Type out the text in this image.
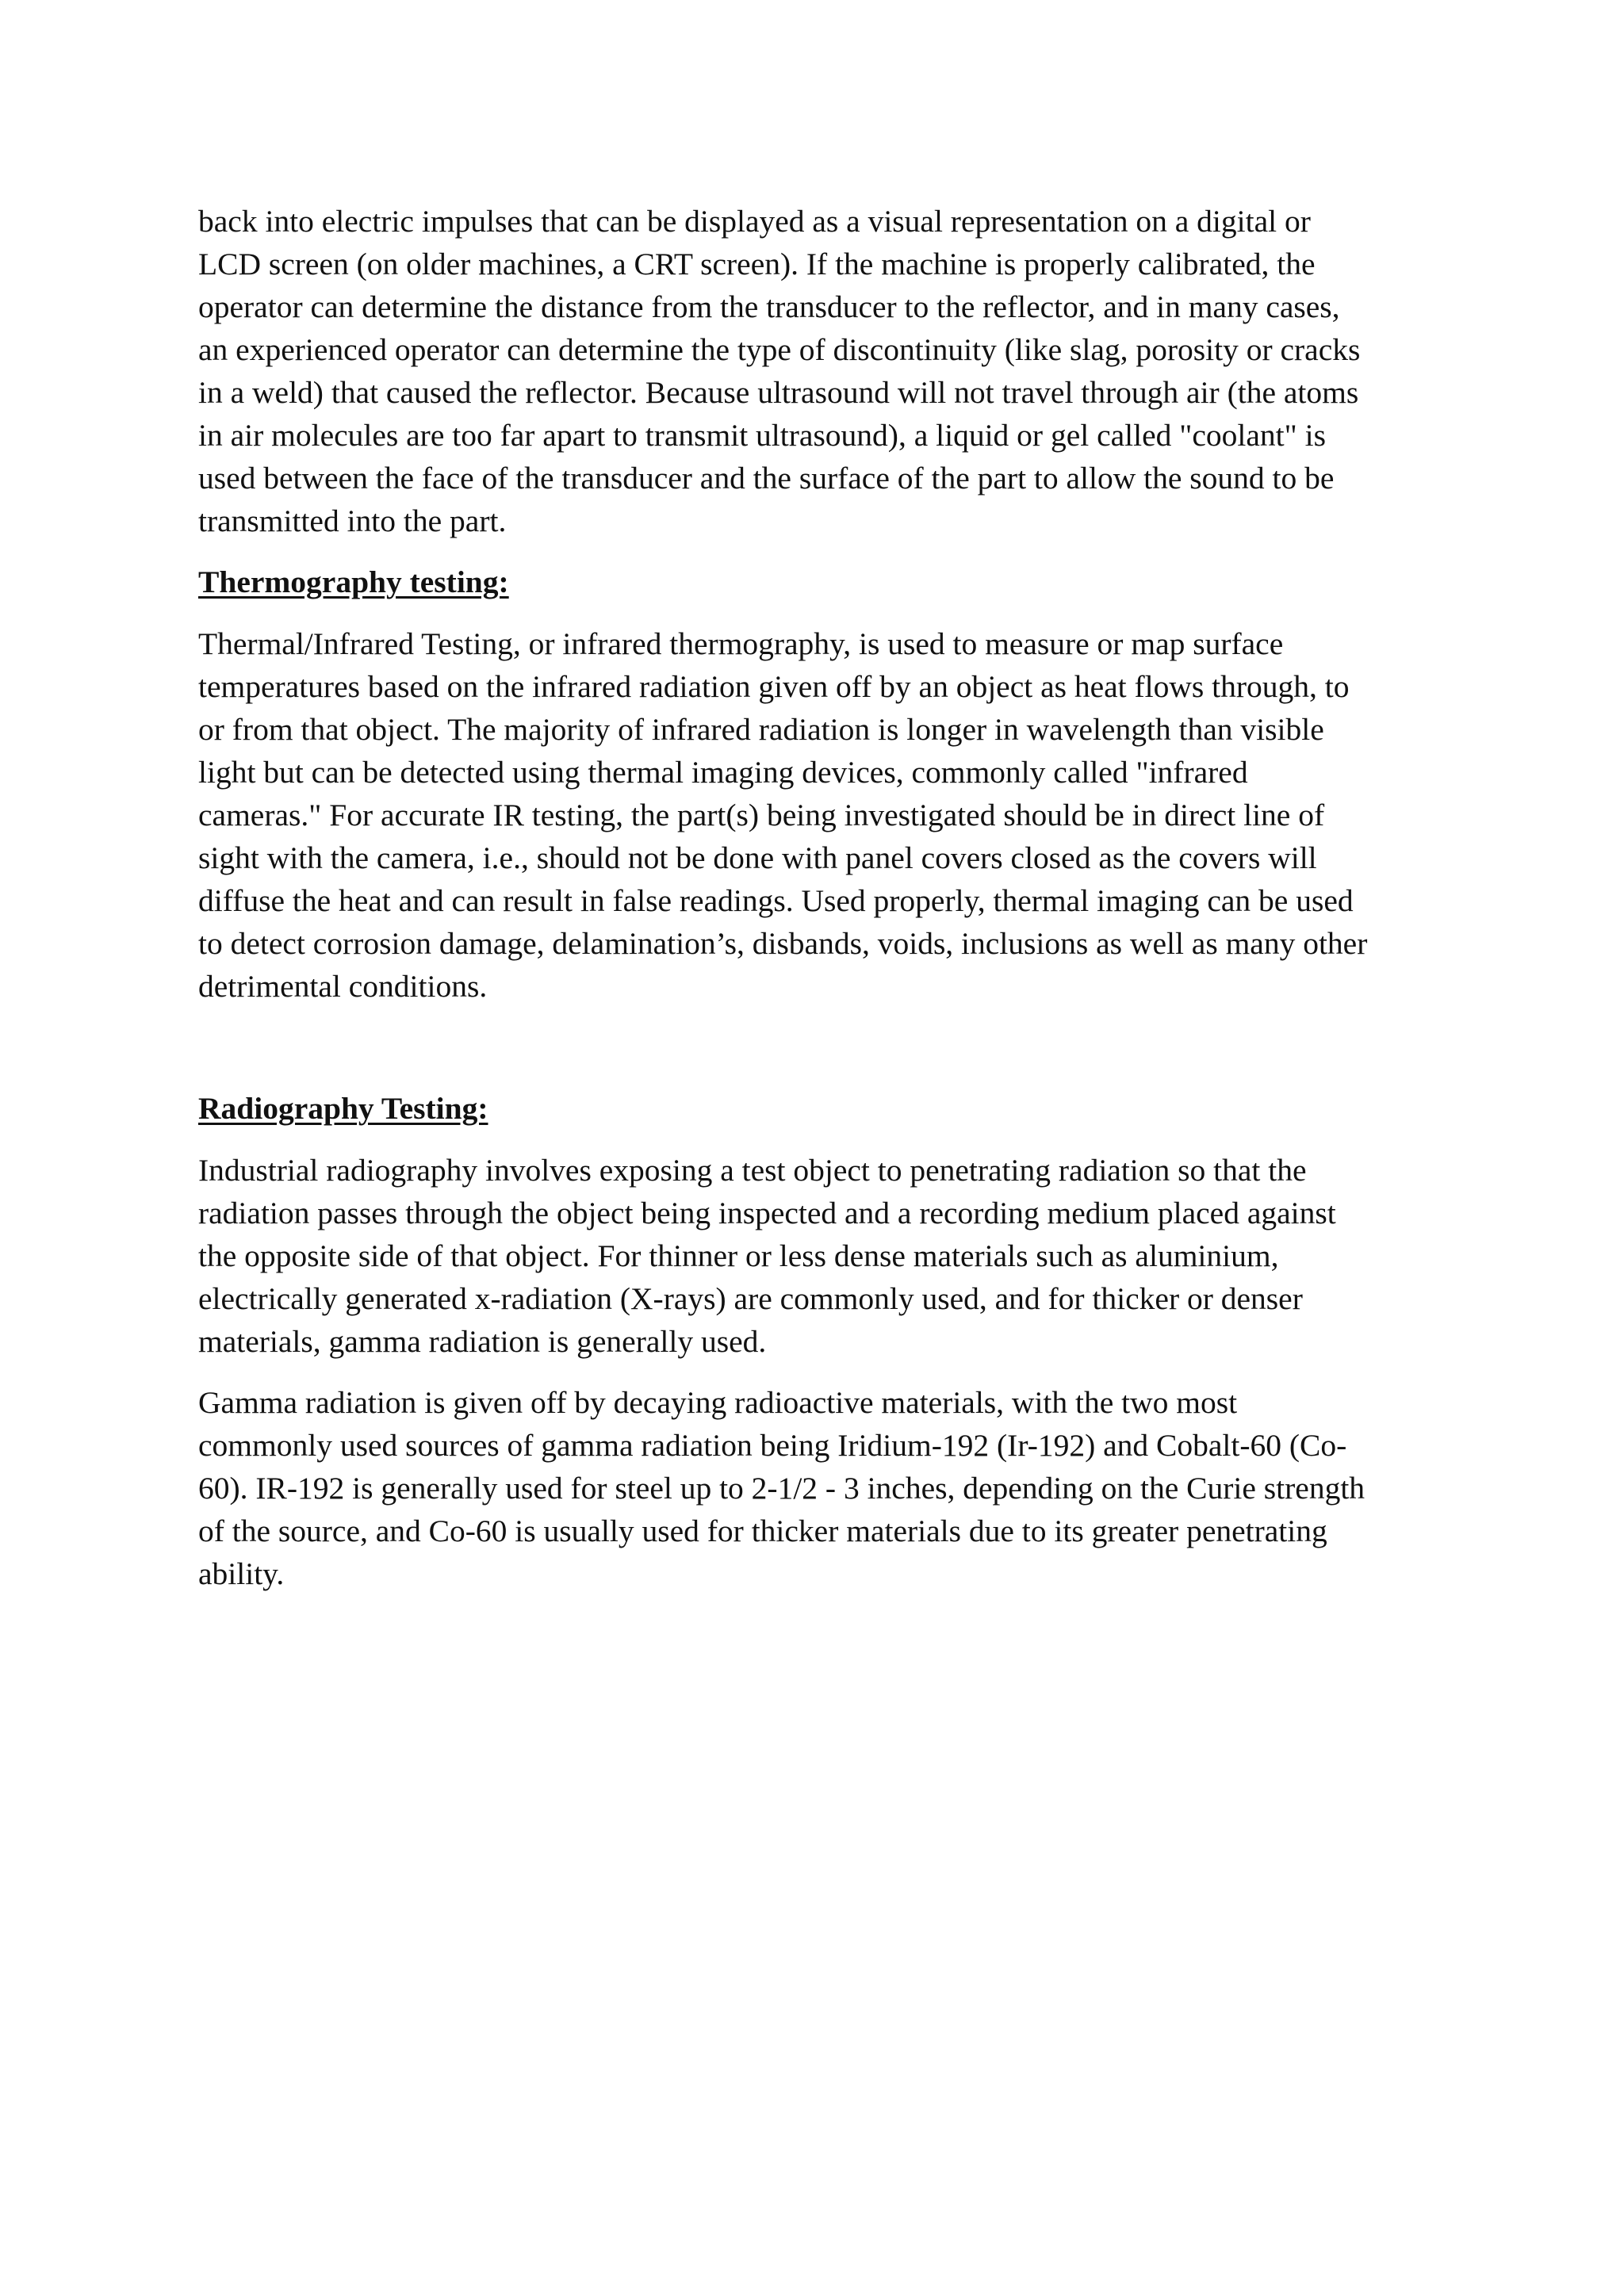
back into electric impulses that can be displayed as a visual representation on a digital or
LCD screen (on older machines, a CRT screen). If the machine is properly calibrated, the
operator can determine the distance from the transducer to the reflector, and in many cases,
an experienced operator can determine the type of discontinuity (like slag, porosity or cracks
in a weld) that caused the reflector. Because ultrasound will not travel through air (the atoms
in air molecules are too far apart to transmit ultrasound), a liquid or gel called "coolant" is
used between the face of the transducer and the surface of the part to allow the sound to be
transmitted into the part.

Thermography testing:

Thermal/Infrared Testing, or infrared thermography, is used to measure or map surface
temperatures based on the infrared radiation given off by an object as heat flows through, to
or from that object. The majority of infrared radiation is longer in wavelength than visible
light but can be detected using thermal imaging devices, commonly called "infrared
cameras." For accurate IR testing, the part(s) being investigated should be in direct line of
sight with the camera, i.e., should not be done with panel covers closed as the covers will
diffuse the heat and can result in false readings. Used properly, thermal imaging can be used
to detect corrosion damage, delamination’s, disbands, voids, inclusions as well as many other
detrimental conditions.

Radiography Testing:

Industrial radiography involves exposing a test object to penetrating radiation so that the
radiation passes through the object being inspected and a recording medium placed against
the opposite side of that object. For thinner or less dense materials such as aluminium,
electrically generated x-radiation (X-rays) are commonly used, and for thicker or denser
materials, gamma radiation is generally used.

Gamma radiation is given off by decaying radioactive materials, with the two most
commonly used sources of gamma radiation being Iridium-192 (Ir-192) and Cobalt-60 (Co-
60). IR-192 is generally used for steel up to 2-1/2 - 3 inches, depending on the Curie strength
of the source, and Co-60 is usually used for thicker materials due to its greater penetrating
ability.
